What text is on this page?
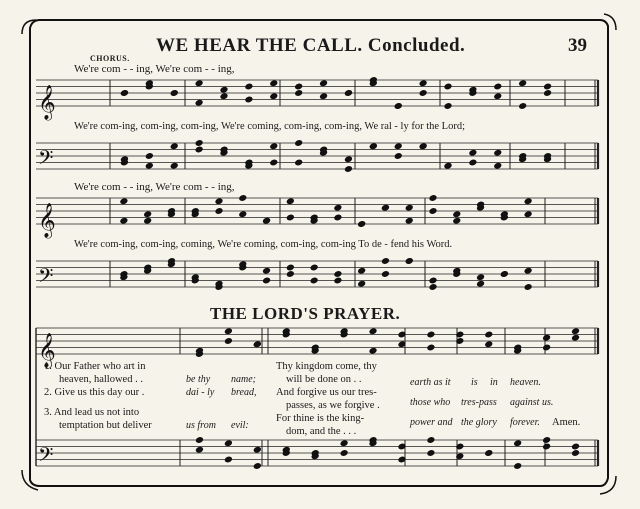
WE HEAR THE CALL. Concluded.	39
CHORUS.
𝄞
𝄢
𝄞
𝄢
𝄞
𝄢
We're com - - ing, We're com - - ing,
We're com-ing, com-ing, com-ing, We're coming, com-ing, com-ing, We ral - ly for the Lord;
We're com - - ing, We're com - - ing,
We're com-ing, com-ing, coming, We're coming, com-ing, com-ing To de - fend his Word.
THE LORD'S PRAYER.
1. Our Father who art in
heaven, hallowed . .
2. Give us this day our .
3. And lead us not into
temptation but deliver
be thy
dai - ly
us from
name;
bread,
evil:
Thy kingdom come, thy
will be done on . .
And forgive us our tres-
passes, as we forgive .
For thine is the king-
dom, and the . . .
earth as it
those who
power and
is
tres-pass
the glory
in heaven.
against us.
forever.	Amen.
